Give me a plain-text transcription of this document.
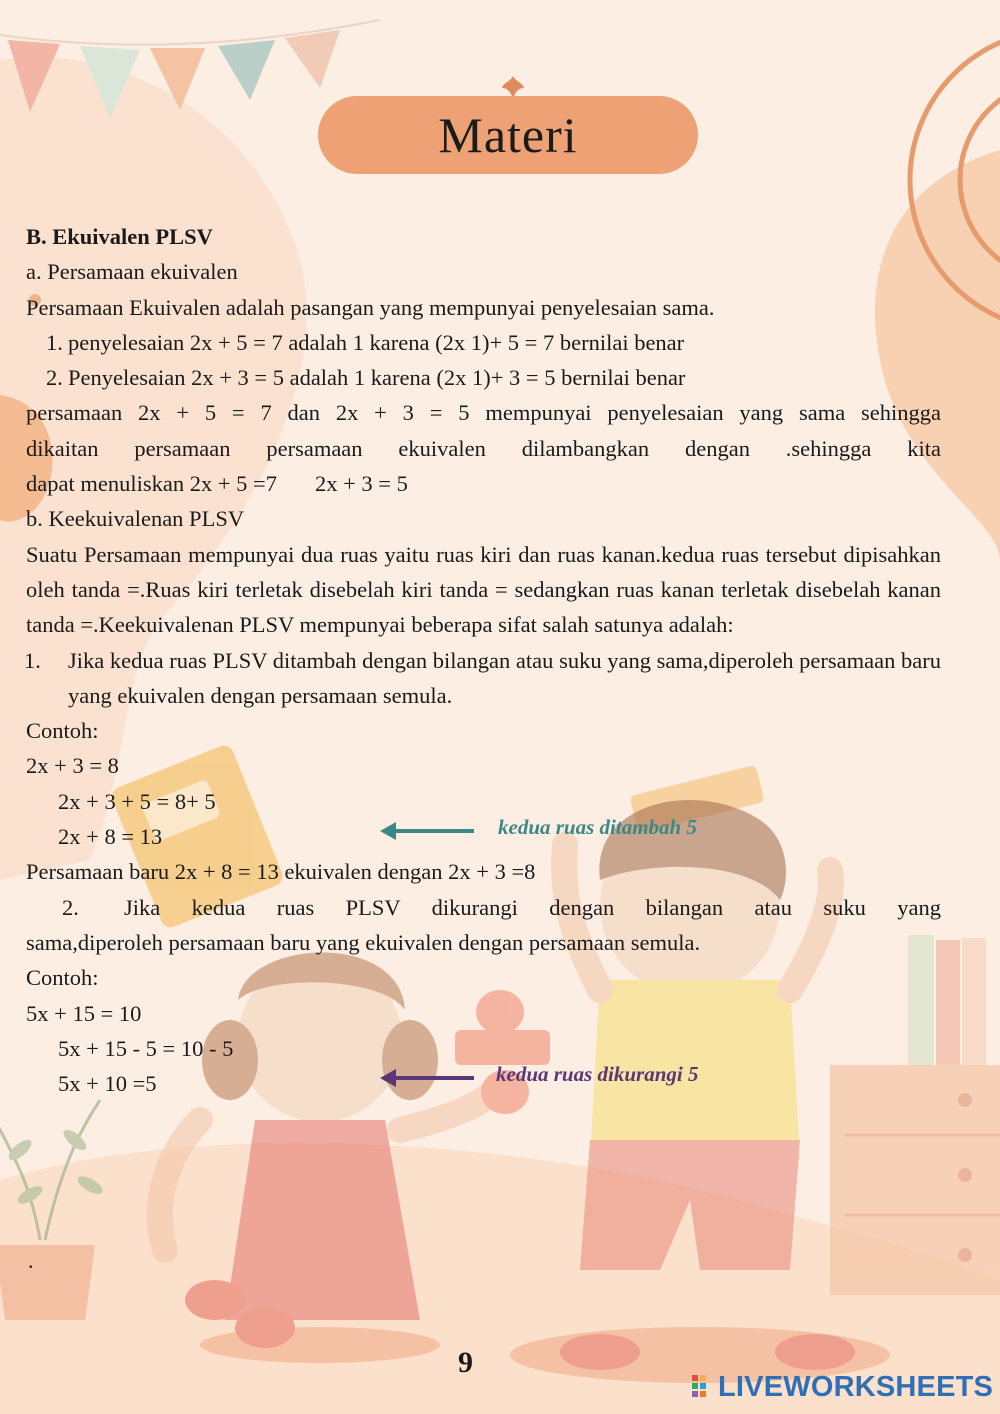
Materi

B. Ekuivalen PLSV

a. Persamaan ekuivalen

Persamaan Ekuivalen adalah pasangan yang mempunyai penyelesaian sama.

1. penyelesaian 2x + 5 = 7 adalah 1 karena (2x 1)+ 5 = 7 bernilai benar

2. Penyelesaian 2x + 3 = 5 adalah 1 karena (2x 1)+ 3 = 5 bernilai benar

persamaan 2x + 5 = 7 dan 2x + 3 = 5 mempunyai penyelesaian yang sama sehingga

dikaitan persamaan persamaan ekuivalen dilambangkan dengan .sehingga kita

dapat menuliskan 2x + 5 =7 2x + 3 = 5

b. Keekuivalenan PLSV

Suatu Persamaan mempunyai dua ruas yaitu ruas kiri dan ruas kanan.kedua ruas tersebut dipisahkan oleh tanda =.Ruas kiri terletak disebelah kiri tanda = sedangkan ruas kanan terletak disebelah kanan tanda =.Keekuivalenan PLSV mempunyai beberapa sifat salah satunya adalah:

1. Jika kedua ruas PLSV ditambah dengan bilangan atau suku yang sama,diperoleh persamaan baru yang ekuivalen dengan persamaan semula.

Contoh:

2x + 3 = 8

2x + 3 + 5 = 8+ 5

2x + 8 = 13

Persamaan baru 2x + 8 = 13 ekuivalen dengan 2x + 3 =8

2. Jika kedua ruas PLSV dikurangi dengan bilangan atau suku yang

sama,diperoleh persamaan baru yang ekuivalen dengan persamaan semula.

Contoh:

5x + 15 = 10

5x + 15 - 5 = 10 - 5

5x + 10 =5

.
kedua ruas ditambah 5
kedua ruas dikurangi 5
9
LIVEWORKSHEETS
